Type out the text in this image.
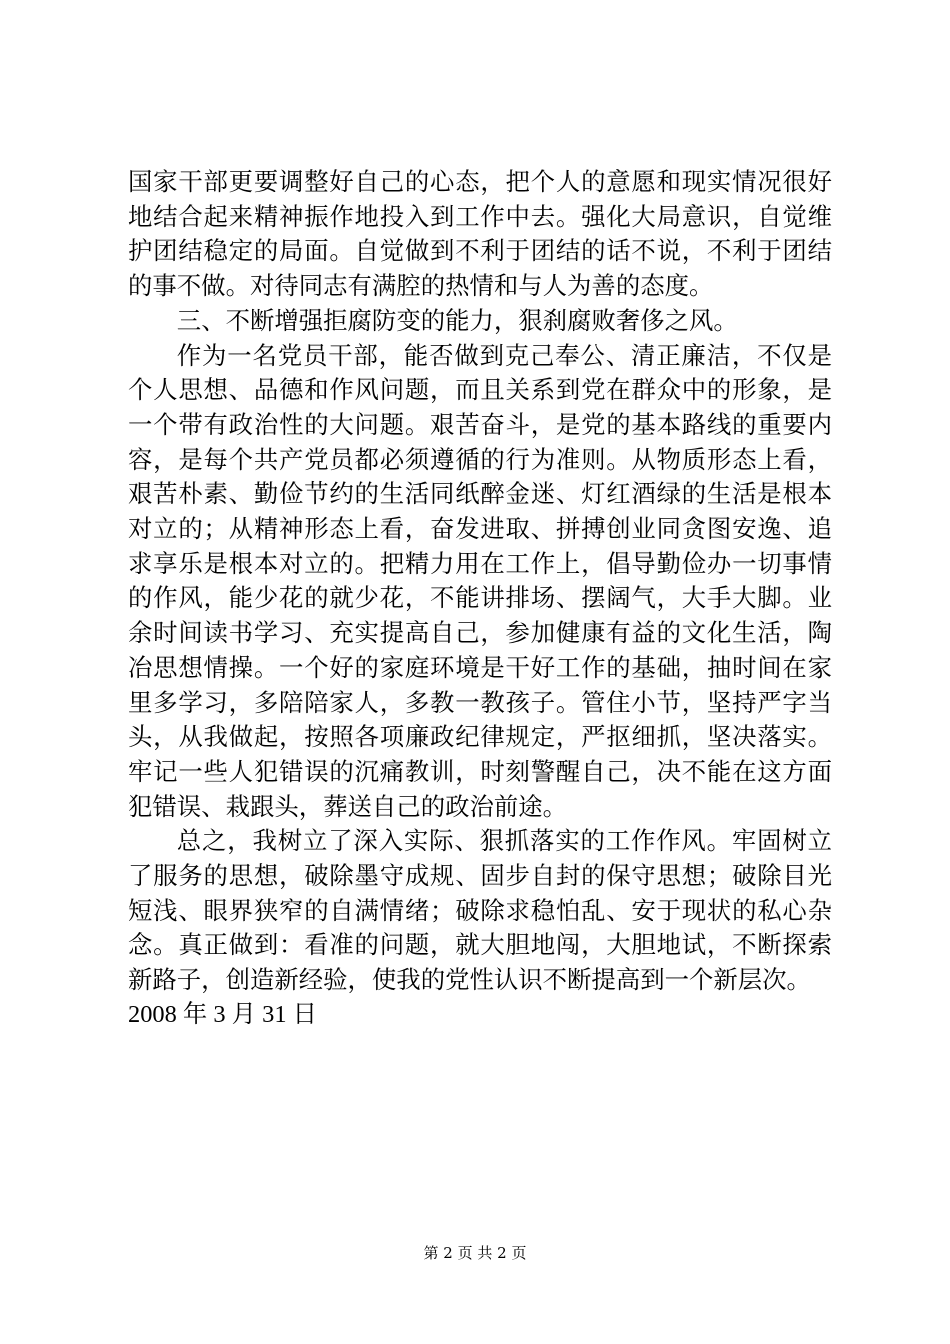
国家干部更要调整好自己的心态，把个人的意愿和现实情况很好地结合起来精神振作地投入到工作中去。强化大局意识，自觉维护团结稳定的局面。自觉做到不利于团结的话不说，不利于团结的事不做。对待同志有满腔的热情和与人为善的态度。

三、不断增强拒腐防变的能力，狠刹腐败奢侈之风。

作为一名党员干部，能否做到克己奉公、清正廉洁，不仅是个人思想、品德和作风问题，而且关系到党在群众中的形象，是一个带有政治性的大问题。艰苦奋斗，是党的基本路线的重要内容，是每个共产党员都必须遵循的行为准则。从物质形态上看，艰苦朴素、勤俭节约的生活同纸醉金迷、灯红酒绿的生活是根本对立的；从精神形态上看，奋发进取、拼搏创业同贪图安逸、追求享乐是根本对立的。把精力用在工作上，倡导勤俭办一切事情的作风，能少花的就少花，不能讲排场、摆阔气，大手大脚。业余时间读书学习、充实提高自己，参加健康有益的文化生活，陶冶思想情操。一个好的家庭环境是干好工作的基础，抽时间在家里多学习，多陪陪家人，多教一教孩子。管住小节，坚持严字当头，从我做起，按照各项廉政纪律规定，严抠细抓，坚决落实。牢记一些人犯错误的沉痛教训，时刻警醒自己，决不能在这方面犯错误、栽跟头，葬送自己的政治前途。

总之，我树立了深入实际、狠抓落实的工作作风。牢固树立了服务的思想，破除墨守成规、固步自封的保守思想；破除目光短浅、眼界狭窄的自满情绪；破除求稳怕乱、安于现状的私心杂念。真正做到：看准的问题，就大胆地闯，大胆地试，不断探索新路子，创造新经验，使我的党性认识不断提高到一个新层次。

2008 年 3 月 31 日

第 2 页 共 2 页
